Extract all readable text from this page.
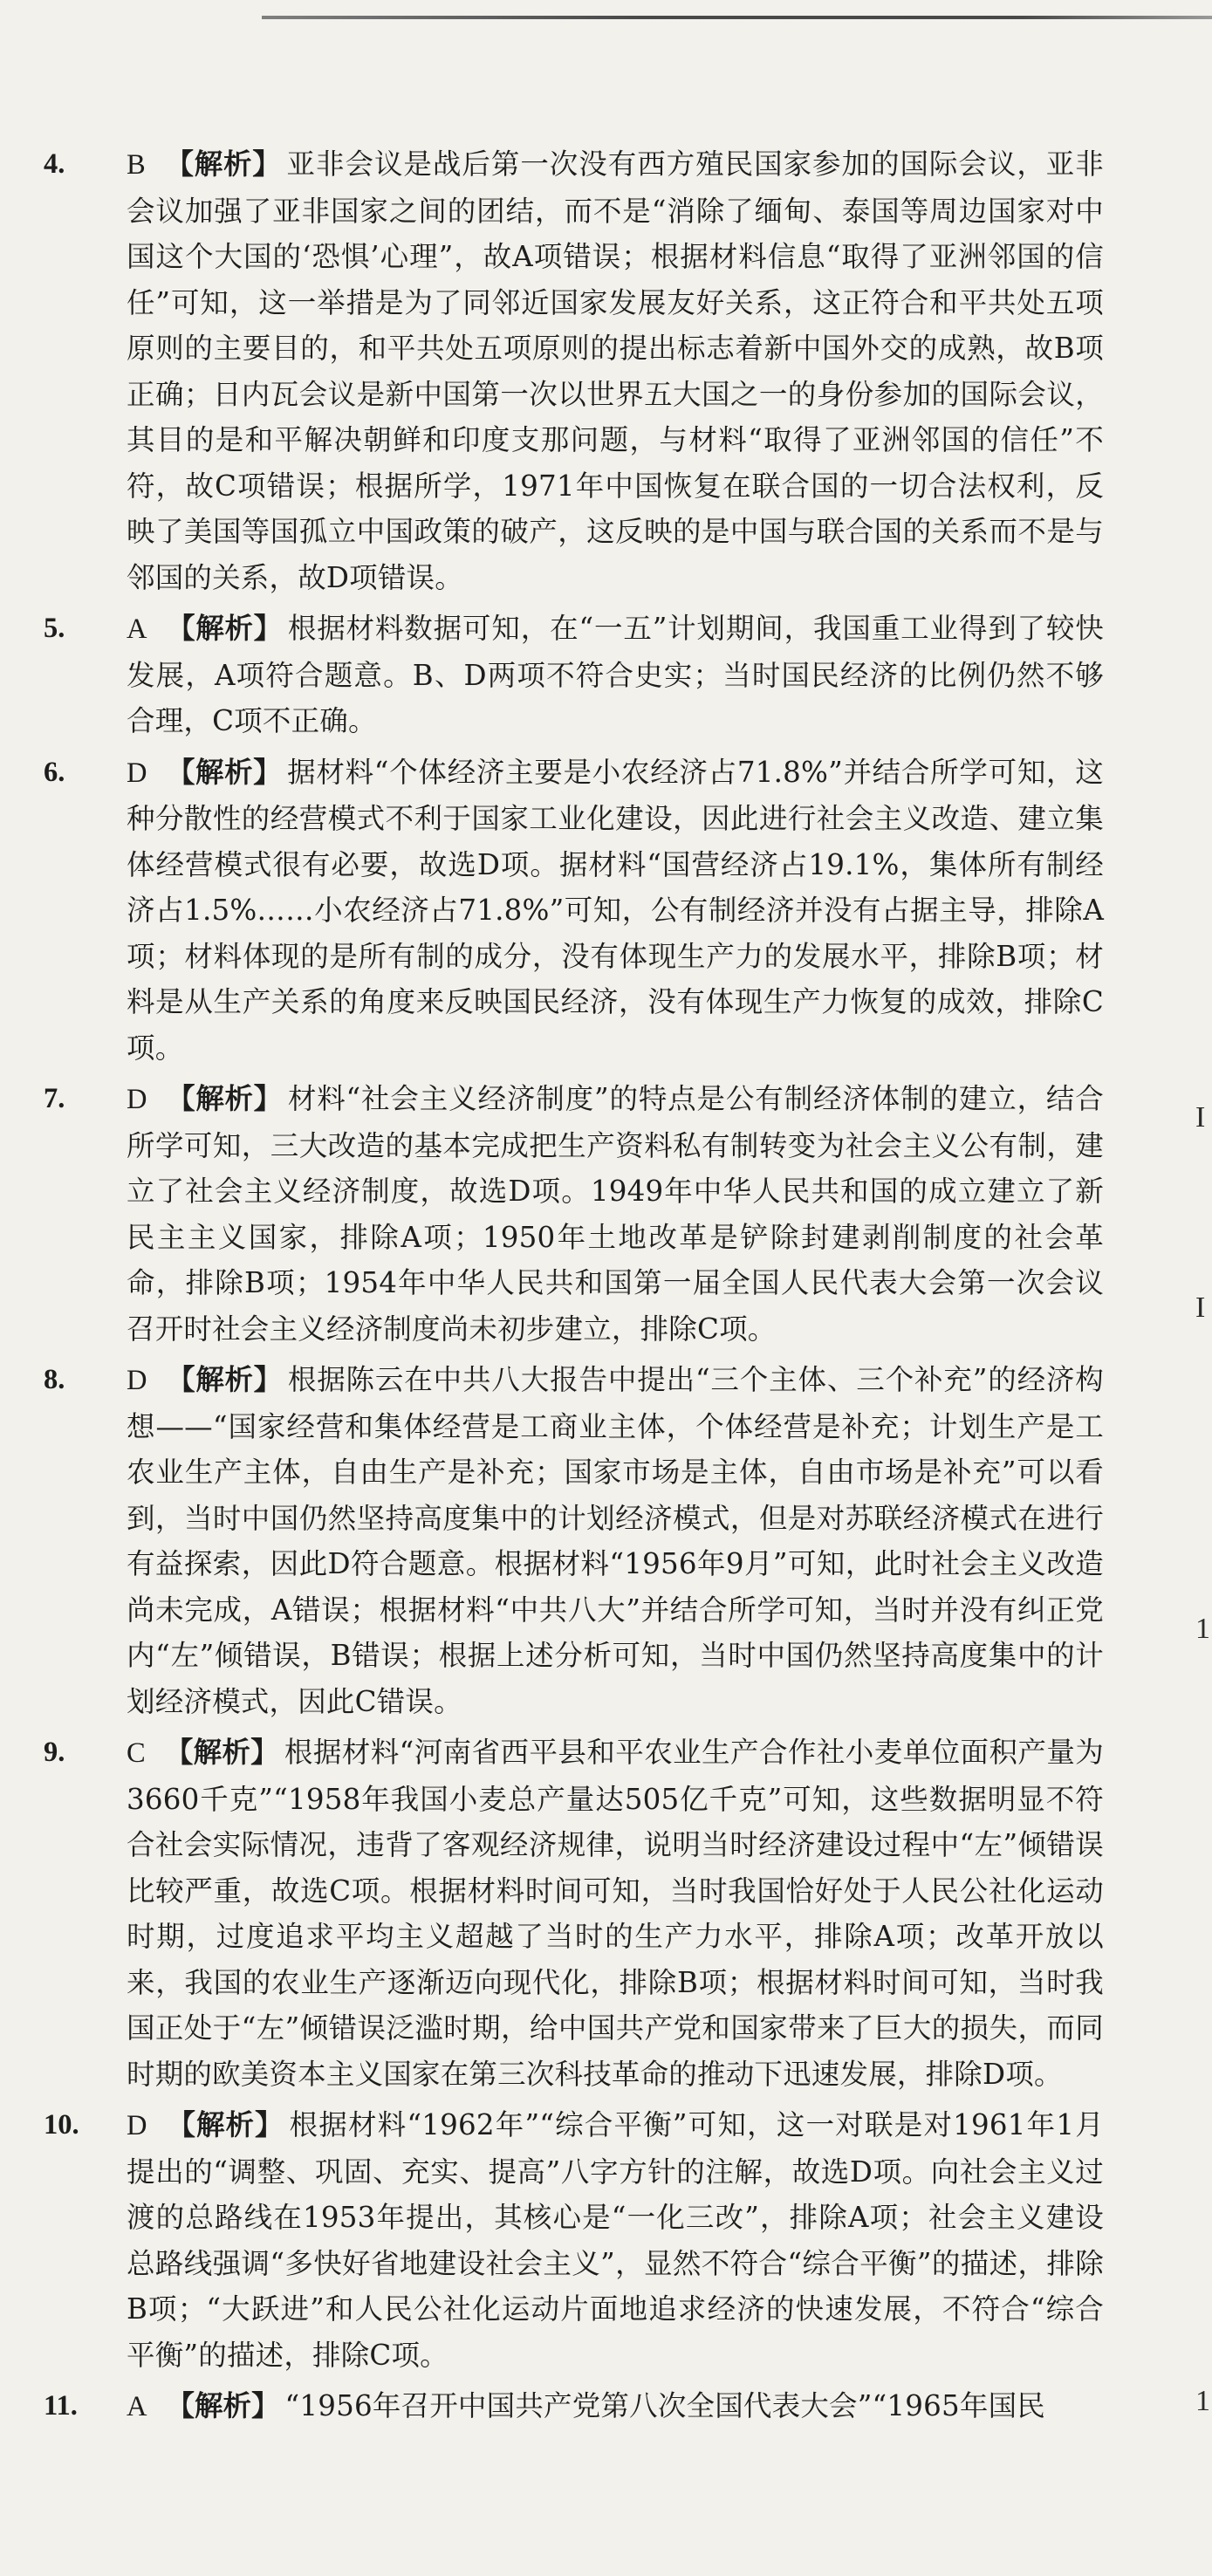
I
I
1
1
4. B 【解析】 亚非会议是战后第一次没有西方殖民国家参加的国际会议，亚非会议加强了亚非国家之间的团结，而不是“消除了缅甸、泰国等周边国家对中国这个大国的‘恐惧’心理”，故A项错误；根据材料信息“取得了亚洲邻国的信任”可知，这一举措是为了同邻近国家发展友好关系，这正符合和平共处五项原则的主要目的，和平共处五项原则的提出标志着新中国外交的成熟，故B项正确；日内瓦会议是新中国第一次以世界五大国之一的身份参加的国际会议，其目的是和平解决朝鲜和印度支那问题，与材料“取得了亚洲邻国的信任”不符，故C项错误；根据所学，1971年中国恢复在联合国的一切合法权利，反映了美国等国孤立中国政策的破产，这反映的是中国与联合国的关系而不是与邻国的关系，故D项错误。
5. A 【解析】 根据材料数据可知，在“一五”计划期间，我国重工业得到了较快发展，A项符合题意。B、D两项不符合史实；当时国民经济的比例仍然不够合理，C项不正确。
6. D 【解析】 据材料“个体经济主要是小农经济占71.8%”并结合所学可知，这种分散性的经营模式不利于国家工业化建设，因此进行社会主义改造、建立集体经营模式很有必要，故选D项。据材料“国营经济占19.1%，集体所有制经济占1.5%……小农经济占71.8%”可知，公有制经济并没有占据主导，排除A项；材料体现的是所有制的成分，没有体现生产力的发展水平，排除B项；材料是从生产关系的角度来反映国民经济，没有体现生产力恢复的成效，排除C项。
7. D 【解析】 材料“社会主义经济制度”的特点是公有制经济体制的建立，结合所学可知，三大改造的基本完成把生产资料私有制转变为社会主义公有制，建立了社会主义经济制度，故选D项。1949年中华人民共和国的成立建立了新民主主义国家，排除A项；1950年土地改革是铲除封建剥削制度的社会革命，排除B项；1954年中华人民共和国第一届全国人民代表大会第一次会议召开时社会主义经济制度尚未初步建立，排除C项。
8. D 【解析】 根据陈云在中共八大报告中提出“三个主体、三个补充”的经济构想——“国家经营和集体经营是工商业主体，个体经营是补充；计划生产是工农业生产主体，自由生产是补充；国家市场是主体，自由市场是补充”可以看到，当时中国仍然坚持高度集中的计划经济模式，但是对苏联经济模式在进行有益探索，因此D符合题意。根据材料“1956年9月”可知，此时社会主义改造尚未完成，A错误；根据材料“中共八大”并结合所学可知，当时并没有纠正党内“左”倾错误，B错误；根据上述分析可知，当时中国仍然坚持高度集中的计划经济模式，因此C错误。
9. C 【解析】 根据材料“河南省西平县和平农业生产合作社小麦单位面积产量为3660千克”“1958年我国小麦总产量达505亿千克”可知，这些数据明显不符合社会实际情况，违背了客观经济规律，说明当时经济建设过程中“左”倾错误比较严重，故选C项。根据材料时间可知，当时我国恰好处于人民公社化运动时期，过度追求平均主义超越了当时的生产力水平，排除A项；改革开放以来，我国的农业生产逐渐迈向现代化，排除B项；根据材料时间可知，当时我国正处于“左”倾错误泛滥时期，给中国共产党和国家带来了巨大的损失，而同时期的欧美资本主义国家在第三次科技革命的推动下迅速发展，排除D项。
10. D 【解析】 根据材料“1962年”“综合平衡”可知，这一对联是对1961年1月提出的“调整、巩固、充实、提高”八字方针的注解，故选D项。向社会主义过渡的总路线在1953年提出，其核心是“一化三改”，排除A项；社会主义建设总路线强调“多快好省地建设社会主义”，显然不符合“综合平衡”的描述，排除B项；“大跃进”和人民公社化运动片面地追求经济的快速发展，不符合“综合平衡”的描述，排除C项。
11. A 【解析】 “1956年召开中国共产党第八次全国代表大会”“1965年国民
